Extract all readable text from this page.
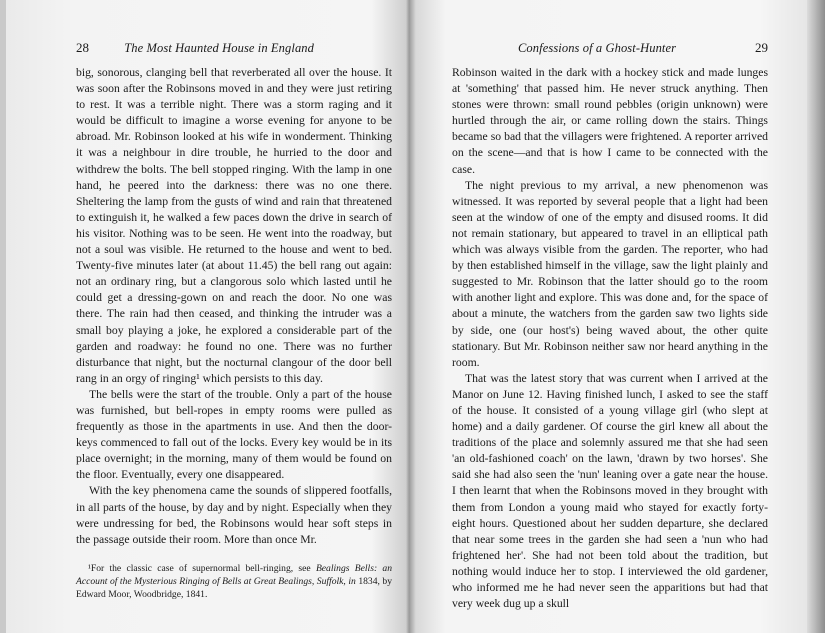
28	The Most Haunted House in England

big, sonorous, clanging bell that reverberated all over the house. It was soon after the Robinsons moved in and they were just retiring to rest. It was a terrible night. There was a storm raging and it would be difficult to imagine a worse evening for anyone to be abroad. Mr. Robinson looked at his wife in wonderment. Thinking it was a neighbour in dire trouble, he hurried to the door and withdrew the bolts. The bell stopped ringing. With the lamp in one hand, he peered into the darkness: there was no one there. Sheltering the lamp from the gusts of wind and rain that threatened to extinguish it, he walked a few paces down the drive in search of his visitor. Nothing was to be seen. He went into the roadway, but not a soul was visible. He returned to the house and went to bed. Twenty-five minutes later (at about 11.45) the bell rang out again: not an ordinary ring, but a clangorous solo which lasted until he could get a dressing-gown on and reach the door. No one was there. The rain had then ceased, and thinking the intruder was a small boy playing a joke, he explored a considerable part of the garden and roadway: he found no one. There was no further disturbance that night, but the nocturnal clangour of the door bell rang in an orgy of ringing¹ which persists to this day.

The bells were the start of the trouble. Only a part of the house was furnished, but bell-ropes in empty rooms were pulled as frequently as those in the apartments in use. And then the door-keys commenced to fall out of the locks. Every key would be in its place overnight; in the morning, many of them would be found on the floor. Eventually, every one disappeared.

With the key phenomena came the sounds of slippered footfalls, in all parts of the house, by day and by night. Especially when they were undressing for bed, the Robinsons would hear soft steps in the passage outside their room. More than once Mr.

¹For the classic case of supernormal bell-ringing, see Bealings Bells: an Account of the Mysterious Ringing of Bells at Great Bealings, Suffolk, in 1834, by Edward Moor, Woodbridge, 1841.
Confessions of a Ghost-Hunter	29

Robinson waited in the dark with a hockey stick and made lunges at 'something' that passed him. He never struck anything. Then stones were thrown: small round pebbles (origin unknown) were hurtled through the air, or came rolling down the stairs. Things became so bad that the villagers were frightened. A reporter arrived on the scene—and that is how I came to be connected with the case.

The night previous to my arrival, a new phenomenon was witnessed. It was reported by several people that a light had been seen at the window of one of the empty and disused rooms. It did not remain stationary, but appeared to travel in an elliptical path which was always visible from the garden. The reporter, who had by then established himself in the village, saw the light plainly and suggested to Mr. Robinson that the latter should go to the room with another light and explore. This was done and, for the space of about a minute, the watchers from the garden saw two lights side by side, one (our host's) being waved about, the other quite stationary. But Mr. Robinson neither saw nor heard anything in the room.

That was the latest story that was current when I arrived at the Manor on June 12. Having finished lunch, I asked to see the staff of the house. It consisted of a young village girl (who slept at home) and a daily gardener. Of course the girl knew all about the traditions of the place and solemnly assured me that she had seen 'an old-fashioned coach' on the lawn, 'drawn by two horses'. She said she had also seen the 'nun' leaning over a gate near the house. I then learnt that when the Robinsons moved in they brought with them from London a young maid who stayed for exactly forty-eight hours. Questioned about her sudden departure, she declared that near some trees in the garden she had seen a 'nun who had frightened her'. She had not been told about the tradition, but nothing would induce her to stop. I interviewed the old gardener, who informed me he had never seen the apparitions but had that very week dug up a skull
